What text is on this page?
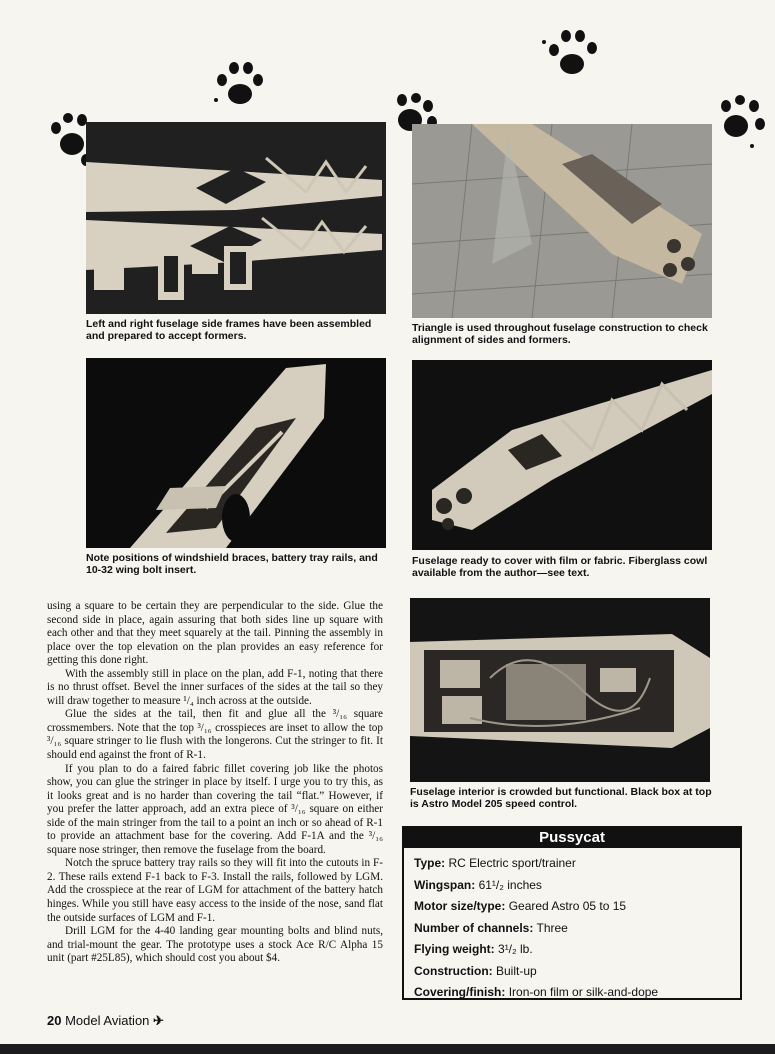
Left and right fuselage side frames have been assembled and prepared to accept formers.

Triangle is used throughout fuselage construction to check alignment of sides and formers.

Note positions of windshield braces, battery tray rails, and 10-32 wing bolt insert.

Fuselage ready to cover with film or fabric. Fiberglass cowl available from the author—see text.

Fuselage interior is crowded but functional. Black box at top is Astro Model 205 speed control.

using a square to be certain they are perpendicular to the side. Glue the second side in place, again assuring that both sides line up square with each other and that they meet squarely at the tail. Pinning the assembly in place over the top elevation on the plan provides an easy reference for getting this done right.

With the assembly still in place on the plan, add F-1, noting that there is no thrust offset. Bevel the inner surfaces of the sides at the tail so they will draw together to measure ¹/₄ inch across at the outside.

Glue the sides at the tail, then fit and glue all the ³/₁₆ square crossmembers. Note that the top ³/₁₆ crosspieces are inset to allow the top ³/₁₆ square stringer to lie flush with the longerons. Cut the stringer to fit. It should end against the front of R-1.

If you plan to do a faired fabric fillet covering job like the photos show, you can glue the stringer in place by itself. I urge you to try this, as it looks great and is no harder than covering the tail “flat.” However, if you prefer the latter approach, add an extra piece of ³/₁₆ square on either side of the main stringer from the tail to a point an inch or so ahead of R-1 to provide an attachment base for the covering. Add F-1A and the ³/₁₆ square nose stringer, then remove the fuselage from the board.

Notch the spruce battery tray rails so they will fit into the cutouts in F-2. These rails extend F-1 back to F-3. Install the rails, followed by LGM. Add the crosspiece at the rear of LGM for attachment of the battery hatch hinges. While you still have easy access to the inside of the nose, sand flat the outside surfaces of LGM and F-1.

Drill LGM for the 4-40 landing gear mounting bolts and blind nuts, and trial-mount the gear. The prototype uses a stock Ace R/C Alpha 15 unit (part #25L85), which should cost you about $4.

Pussycat
Type: RC Electric sport/trainer
Wingspan: 61¹/₂ inches
Motor size/type: Geared Astro 05 to 15
Number of channels: Three
Flying weight: 3¹/₂ lb.
Construction: Built-up
Covering/finish: Iron-on film or silk-and-dope
20 Model Aviation ✈
